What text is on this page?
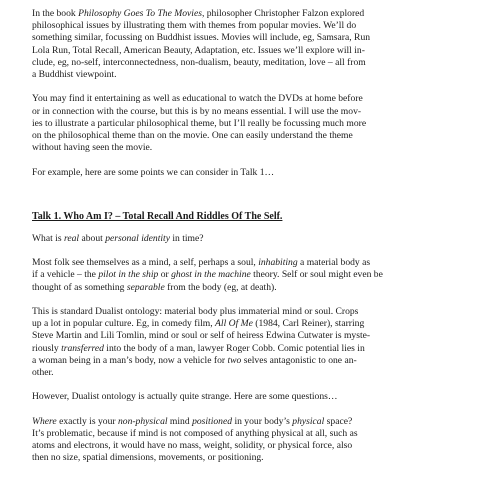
In the book Philosophy Goes To The Movies, philosopher Christopher Falzon explored

philosophical issues by illustrating them with themes from popular movies. We’ll do

something similar, focussing on Buddhist issues. Movies will include, eg, Samsara, Run

Lola Run, Total Recall, American Beauty, Adaptation, etc. Issues we’ll explore will in-

clude, eg, no-self, interconnectedness, non-dualism, beauty, meditation, love – all from

a Buddhist viewpoint.

You may find it entertaining as well as educational to watch the DVDs at home before

or in connection with the course, but this is by no means essential. I will use the mov-

ies to illustrate a particular philosophical theme, but I’ll really be focussing much more

on the philosophical theme than on the movie. One can easily understand the theme

without having seen the movie.

For example, here are some points we can consider in Talk 1…

Talk 1. Who Am I? – Total Recall And Riddles Of The Self.

What is real about personal identity in time?

Most folk see themselves as a mind, a self, perhaps a soul, inhabiting a material body as

if a vehicle – the pilot in the ship or ghost in the machine theory. Self or soul might even be

thought of as something separable from the body (eg, at death).

This is standard Dualist ontology: material body plus immaterial mind or soul. Crops

up a lot in popular culture. Eg, in comedy film, All Of Me (1984, Carl Reiner), starring

Steve Martin and Lili Tomlin, mind or soul or self of heiress Edwina Cutwater is myste-

riously transferred into the body of a man, lawyer Roger Cobb. Comic potential lies in

a woman being in a man’s body, now a vehicle for two selves antagonistic to one an-

other.

However, Dualist ontology is actually quite strange. Here are some questions…

Where exactly is your non-physical mind positioned in your body’s physical space?

It’s problematic, because if mind is not composed of anything physical at all, such as

atoms and electrons, it would have no mass, weight, solidity, or physical force, also

then no size, spatial dimensions, movements, or positioning.
